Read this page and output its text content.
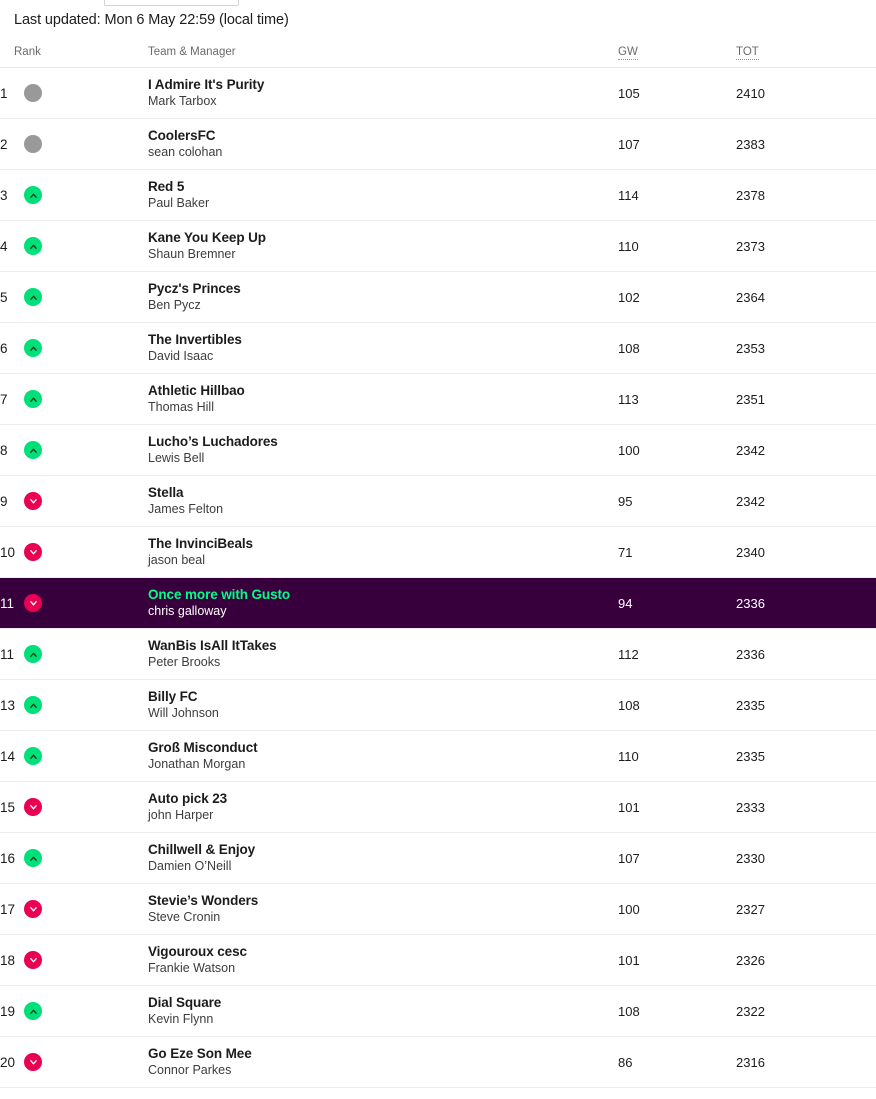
Last updated: Mon 6 May 22:59 (local time)
Rank	Team & Manager	GW	TOT

1	I Admire It's Purity
Mark Tarbox	105	2410

2	CoolersFC
sean colohan	107	2383

3	Red 5
Paul Baker	114	2378

4	Kane You Keep Up
Shaun Bremner	110	2373

5	Pycz's Princes
Ben Pycz	102	2364

6	The Invertibles
David Isaac	108	2353

7	Athletic Hillbao
Thomas Hill	113	2351

8	Lucho’s Luchadores
Lewis Bell	100	2342

9	Stella
James Felton	95	2342

10	The InvinciBeals
jason beal	71	2340

11	Once more with Gusto
chris galloway	94	2336

11	WanBis IsAll ItTakes
Peter Brooks	112	2336

13	Billy FC
Will Johnson	108	2335

14	Groß Misconduct
Jonathan Morgan	110	2335

15	Auto pick 23
john Harper	101	2333

16	Chillwell & Enjoy
Damien O’Neill	107	2330

17	Stevie’s Wonders
Steve Cronin	100	2327

18	Vigouroux cesc
Frankie Watson	101	2326

19	Dial Square
Kevin Flynn	108	2322

20	Go Eze Son Mee
Connor Parkes	86	2316
